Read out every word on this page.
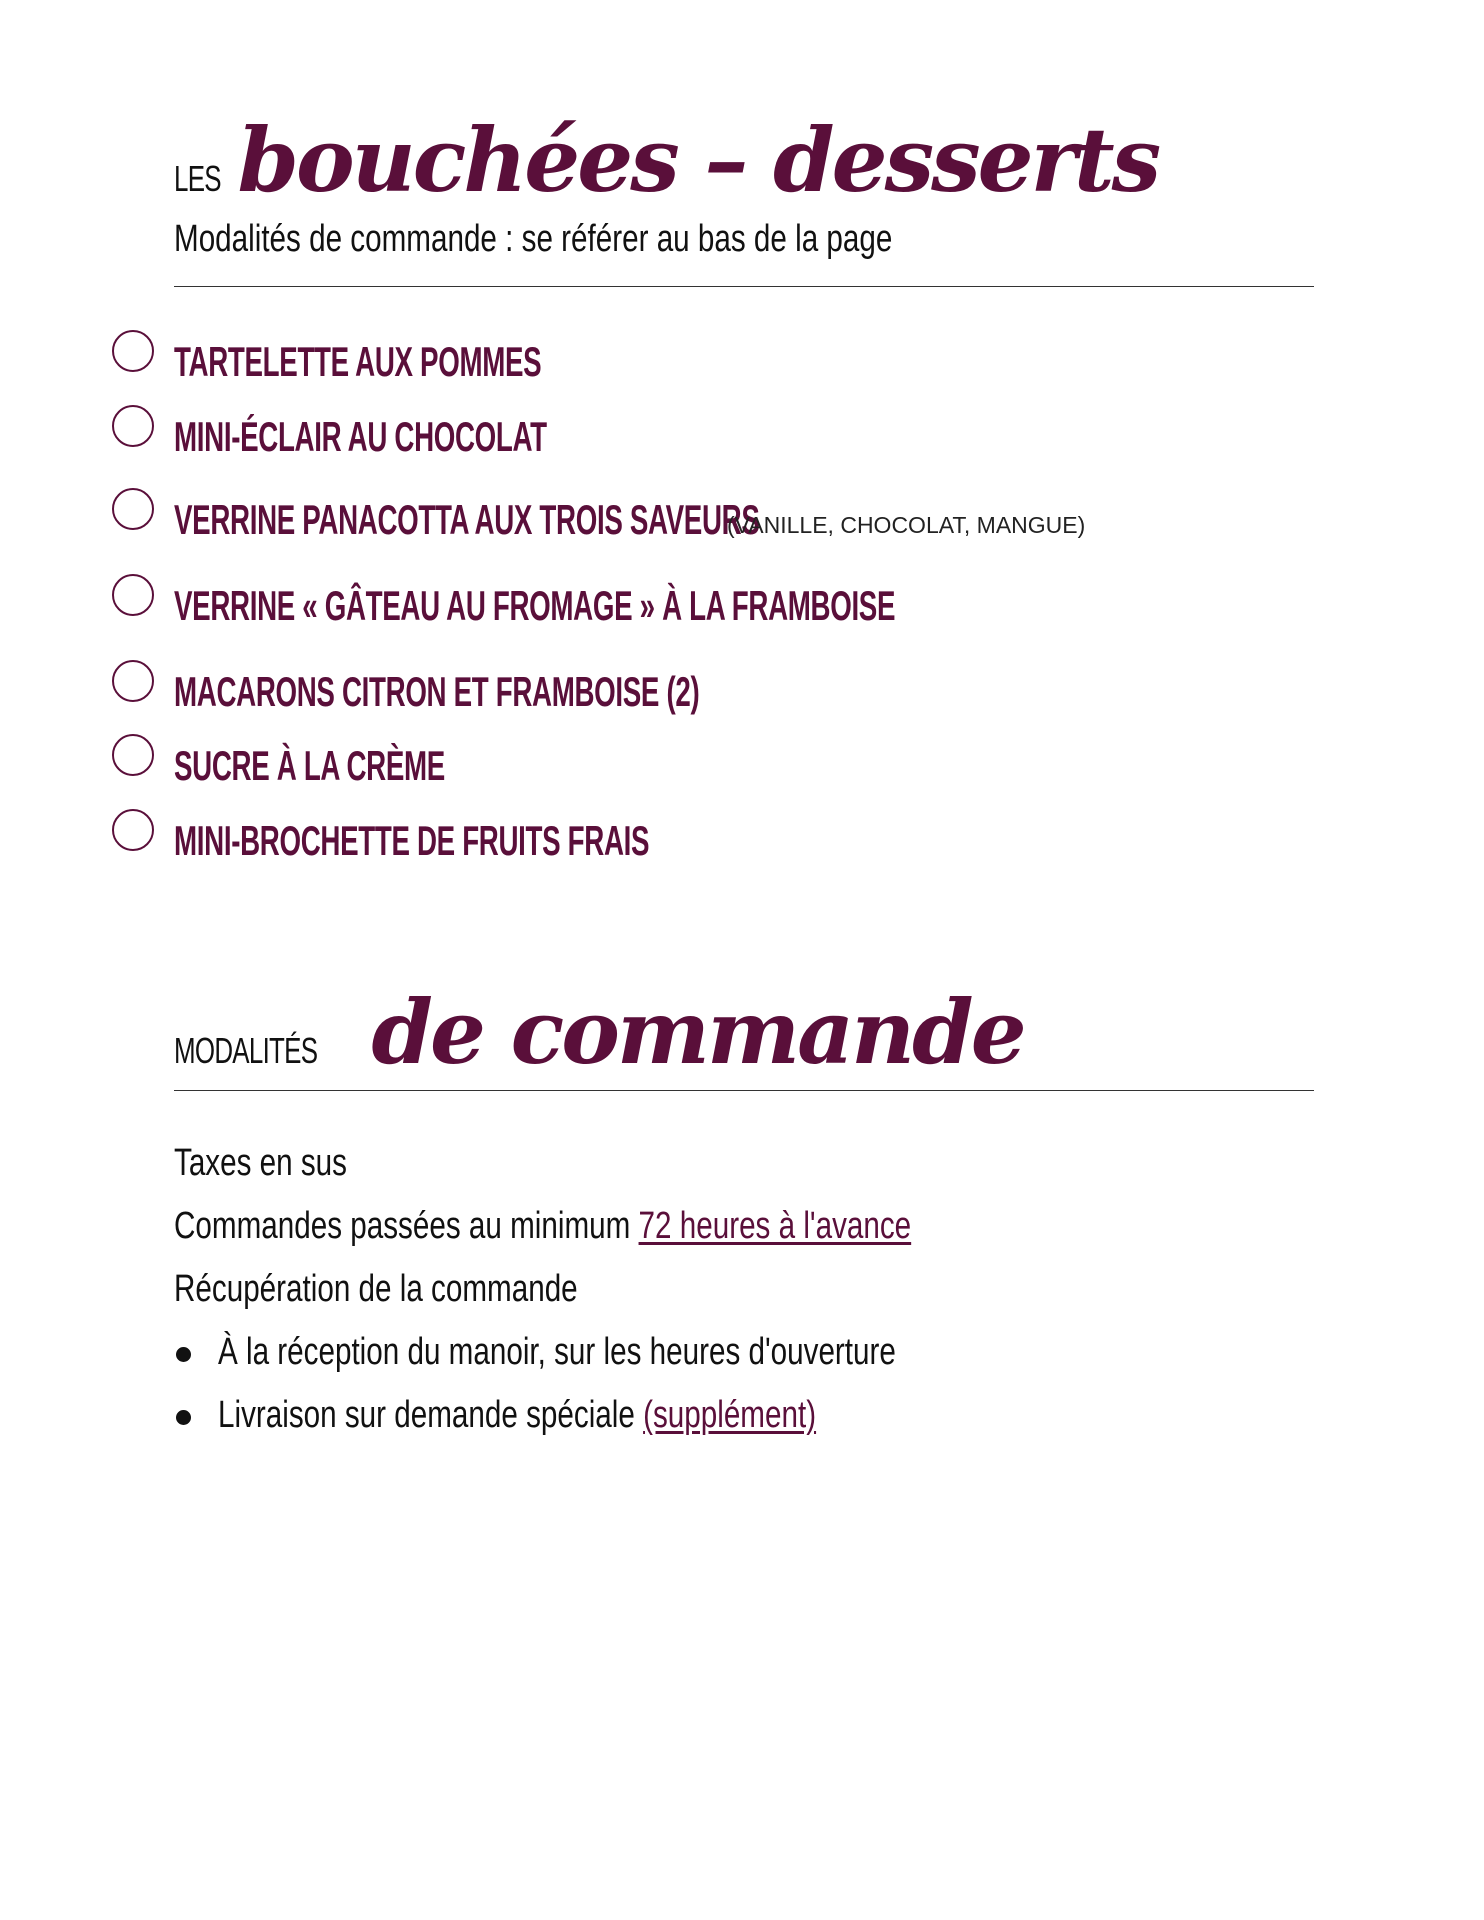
LES bouchées – desserts
Modalités de commande : se référer au bas de la page
TARTELETTE AUX POMMES
MINI-ÉCLAIR AU CHOCOLAT
VERRINE PANACOTTA AUX TROIS SAVEURS
(VANILLE, CHOCOLAT, MANGUE)
VERRINE « GÂTEAU AU FROMAGE » À LA FRAMBOISE
MACARONS CITRON ET FRAMBOISE (2)
SUCRE À LA CRÈME
MINI-BROCHETTE DE FRUITS FRAIS
MODALITÉS de commande
Taxes en sus
Commandes passées au minimum 72 heures à l'avance
Récupération de la commande
À la réception du manoir, sur les heures d'ouverture
Livraison sur demande spéciale (supplément)
